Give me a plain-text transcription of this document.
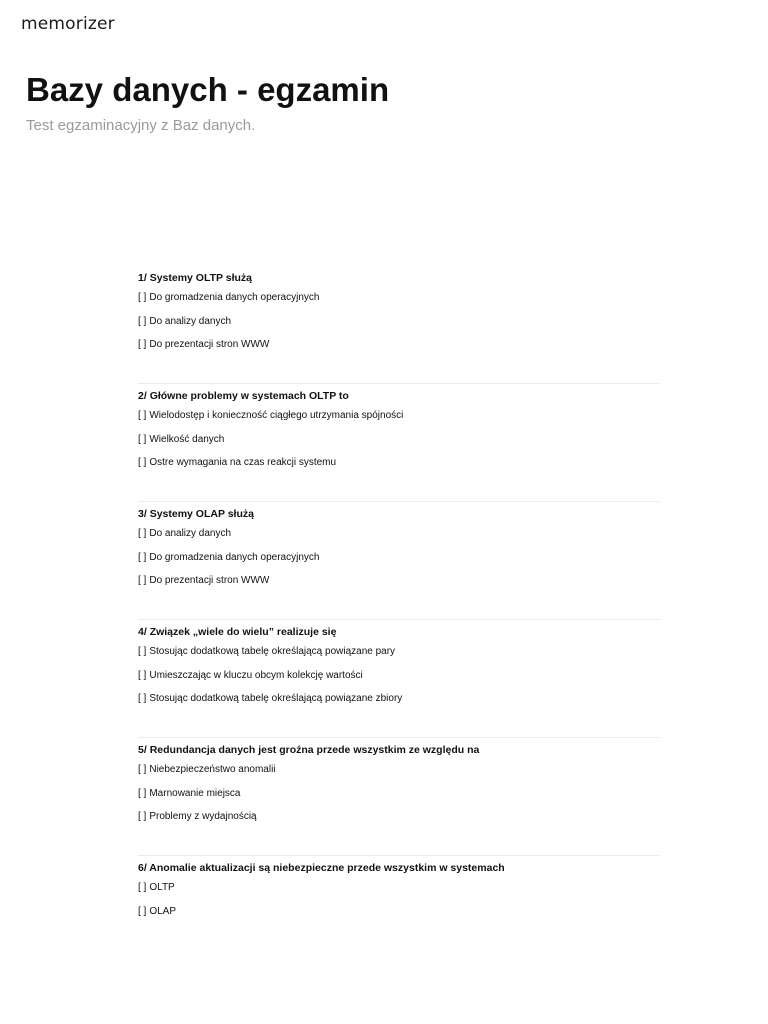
memorizer
Bazy danych - egzamin

Test egzaminacyjny z Baz danych.

1/ Systemy OLTP służą
[ ] Do gromadzenia danych operacyjnych
[ ] Do analizy danych
[ ] Do prezentacji stron WWW
2/ Główne problemy w systemach OLTP to
[ ] Wielodostęp i konieczność ciągłego utrzymania spójności
[ ] Wielkość danych
[ ] Ostre wymagania na czas reakcji systemu
3/ Systemy OLAP służą
[ ] Do analizy danych
[ ] Do gromadzenia danych operacyjnych
[ ] Do prezentacji stron WWW
4/ Związek „wiele do wielu” realizuje się
[ ] Stosując dodatkową tabelę określającą powiązane pary
[ ] Umieszczając w kluczu obcym kolekcję wartości
[ ] Stosując dodatkową tabelę określającą powiązane zbiory
5/ Redundancja danych jest groźna przede wszystkim ze względu na
[ ] Niebezpieczeństwo anomalii
[ ] Marnowanie miejsca
[ ] Problemy z wydajnością
6/ Anomalie aktualizacji są niebezpieczne przede wszystkim w systemach
[ ] OLTP
[ ] OLAP
